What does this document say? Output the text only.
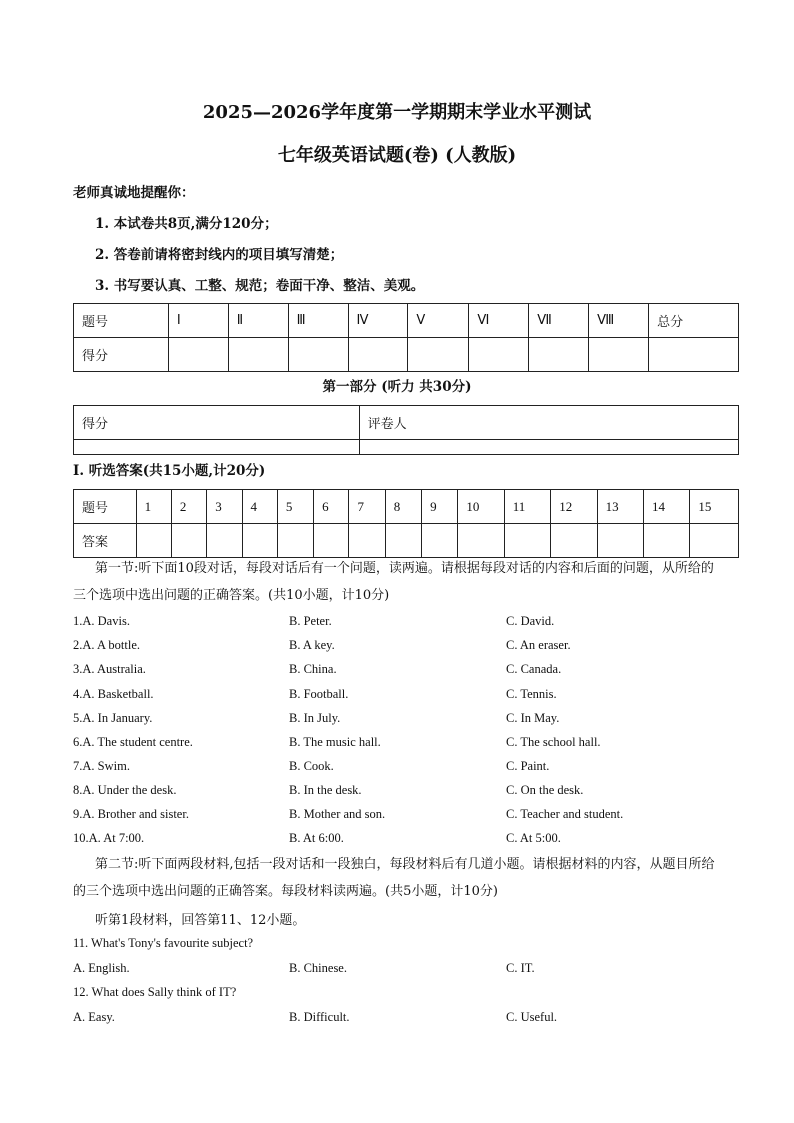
2025—2026学年度第一学期期末学业水平测试
七年级英语试题(卷) (人教版)
老师真诚地提醒你：
1. 本试卷共8页,满分120分；
2. 答卷前请将密封线内的项目填写清楚；
3. 书写要认真、工整、规范；卷面干净、整洁、美观。
题号	Ⅰ	Ⅱ	Ⅲ	Ⅳ	Ⅴ	Ⅵ	Ⅶ	Ⅷ	总分
得分									
第一部分 (听力 共30分)
得分	评卷人

Ⅰ. 听选答案(共15小题,计20分)
题号	1	2	3	4	5	6	7	8	9	10	11	12	13	14	15
答案															
第一节:听下面10段对话，每段对话后有一个问题，读两遍。请根据每段对话的内容和后面的问题，从所给的三个选项中选出问题的正确答案。(共10小题，计10分)
1.A. Davis.	B. Peter.	C. David.
2.A. A bottle.	B. A key.	C. An eraser.
3.A. Australia.	B. China.	C. Canada.
4.A. Basketball.	B. Football.	C. Tennis.
5.A. In January.	B. In July.	C. In May.
6.A. The student centre.	B. The music hall.	C. The school hall.
7.A. Swim.	B. Cook.	C. Paint.
8.A. Under the desk.	B. In the desk.	C. On the desk.
9.A. Brother and sister.	B. Mother and son.	C. Teacher and student.
10.A. At 7:00.	B. At 6:00.	C. At 5:00.
第二节:听下面两段材料,包括一段对话和一段独白，每段材料后有几道小题。请根据材料的内容，从题目所给的三个选项中选出问题的正确答案。每段材料读两遍。(共5小题，计10分)
听第1段材料，回答第11、12小题。
11. What's Tony's favourite subject?
A. English.	B. Chinese.	C. IT.
12. What does Sally think of IT?
A. Easy.	B. Difficult.	C. Useful.
